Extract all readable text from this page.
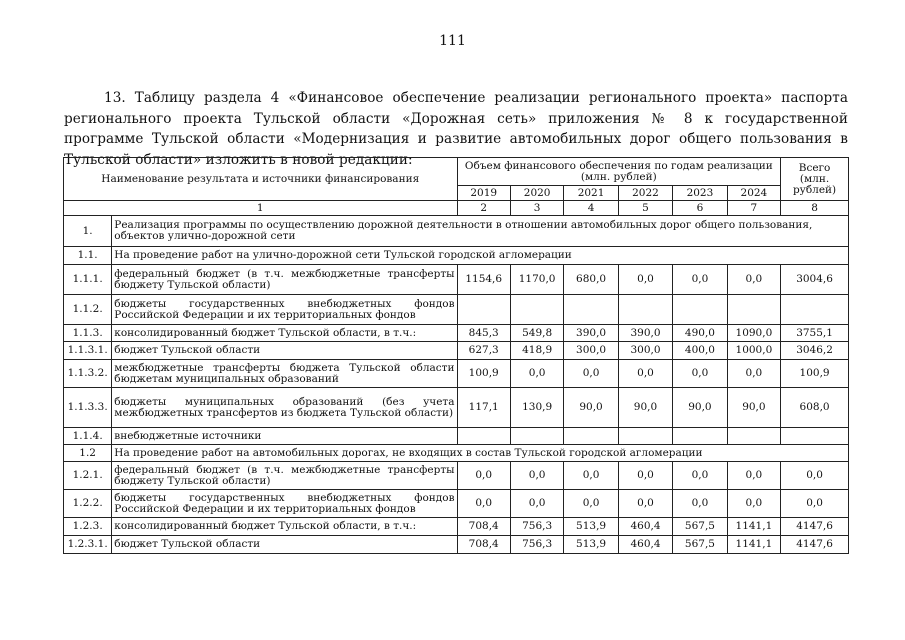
111
13. Таблицу раздела 4 «Финансовое обеспечение реализации регионального проекта» паспорта регионального проекта Тульской области «Дорожная сеть» приложения № 8 к государственной программе Тульской области «Модернизация и развитие автомобильных дорог общего пользования в Тульской области» изложить в новой редакции:
Наименование результата и источники финансирования		Объем финансового обеспечения по годам реализации (млн. рублей)						Всего (млн. рублей)
		2019	2020	2021	2022	2023	2024	
1		2	3	4	5	6	7	8
1.	Реализация программы по осуществлению дорожной деятельности в отношении автомобильных дорог общего пользования, объектов улично-дорожной сети							
1.1.	На проведение работ на улично-дорожной сети Тульской городской агломерации							
1.1.1.	федеральный бюджет (в т.ч. межбюджетные трансферты бюджету Тульской области)	1154,6	1170,0	680,0	0,0	0,0	0,0	3004,6
1.1.2.	бюджеты государственных внебюджетных фондов Российской Федерации и их территориальных фондов							
1.1.3.	консолидированный бюджет Тульской области, в т.ч.:	845,3	549,8	390,0	390,0	490,0	1090,0	3755,1
1.1.3.1.	бюджет Тульской области	627,3	418,9	300,0	300,0	400,0	1000,0	3046,2
1.1.3.2.	межбюджетные трансферты бюджета Тульской области бюджетам муниципальных образований	100,9	0,0	0,0	0,0	0,0	0,0	100,9
1.1.3.3.	бюджеты муниципальных образований (без учета межбюджетных трансфертов из бюджета Тульской области)	117,1	130,9	90,0	90,0	90,0	90,0	608,0
1.1.4.	внебюджетные источники							
1.2	На проведение работ на автомобильных дорогах, не входящих в состав Тульской городской агломерации							
1.2.1.	федеральный бюджет (в т.ч. межбюджетные трансферты бюджету Тульской области)	0,0	0,0	0,0	0,0	0,0	0,0	0,0
1.2.2.	бюджеты государственных внебюджетных фондов Российской Федерации и их территориальных фондов	0,0	0,0	0,0	0,0	0,0	0,0	0,0
1.2.3.	консолидированный бюджет Тульской области, в т.ч.:	708,4	756,3	513,9	460,4	567,5	1141,1	4147,6
1.2.3.1.	бюджет Тульской области	708,4	756,3	513,9	460,4	567,5	1141,1	4147,6
